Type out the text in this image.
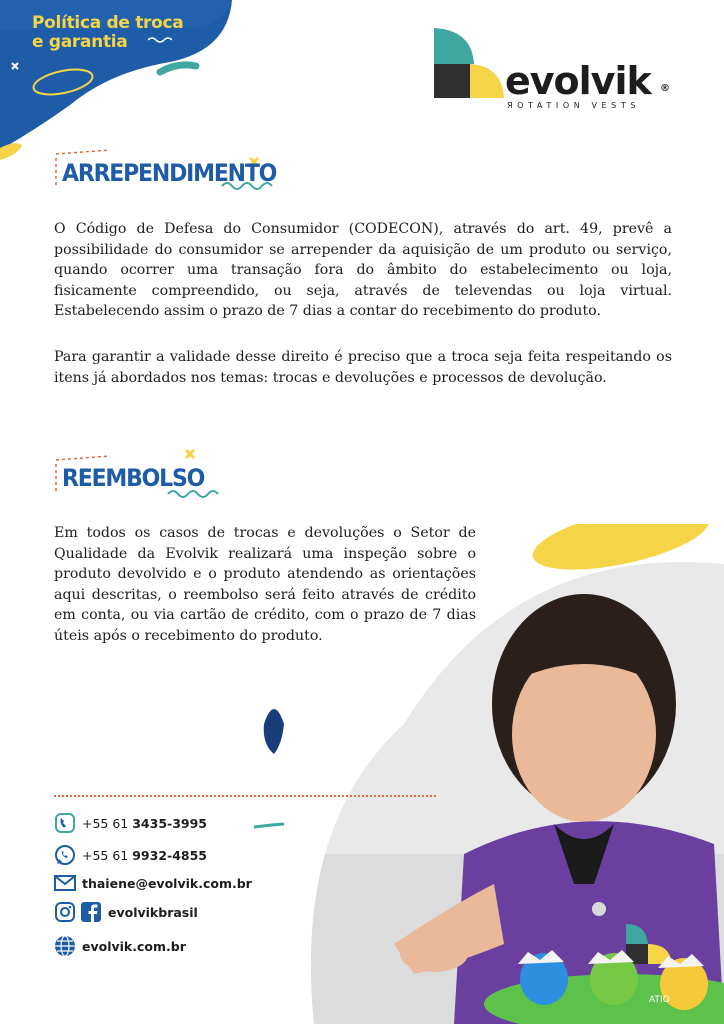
Política de troca
e garantia
evolvik ®
ЯOTATION VESTS
ARREPENDIMENTO
O Código de Defesa do Consumidor (CODECON), através do art. 49, prevê a possibilidade do consumidor se arrepender da aquisição de um produto ou serviço, quando ocorrer uma transação fora do âmbito do estabelecimento ou loja, fisicamente compreendido, ou seja, através de televendas ou loja virtual. Estabelecendo assim o prazo de 7 dias a contar do recebimento do produto.
Para garantir a validade desse direito é preciso que a troca seja feita respeitando os itens já abordados nos temas: trocas e devoluções e processos de devolução.
REEMBOLSO
Em todos os casos de trocas e devoluções o Setor de Qualidade da Evolvik realizará uma inspeção sobre o produto devolvido e o produto atendendo as orientações aqui descritas, o reembolso será feito através de crédito em conta, ou via cartão de crédito, com o prazo de 7 dias úteis após o recebimento do produto.
ATIO
+55 61 3435-3995
+55 61 9932-4855
thaiene@evolvik.com.br
evolvikbrasil
evolvik.com.br
